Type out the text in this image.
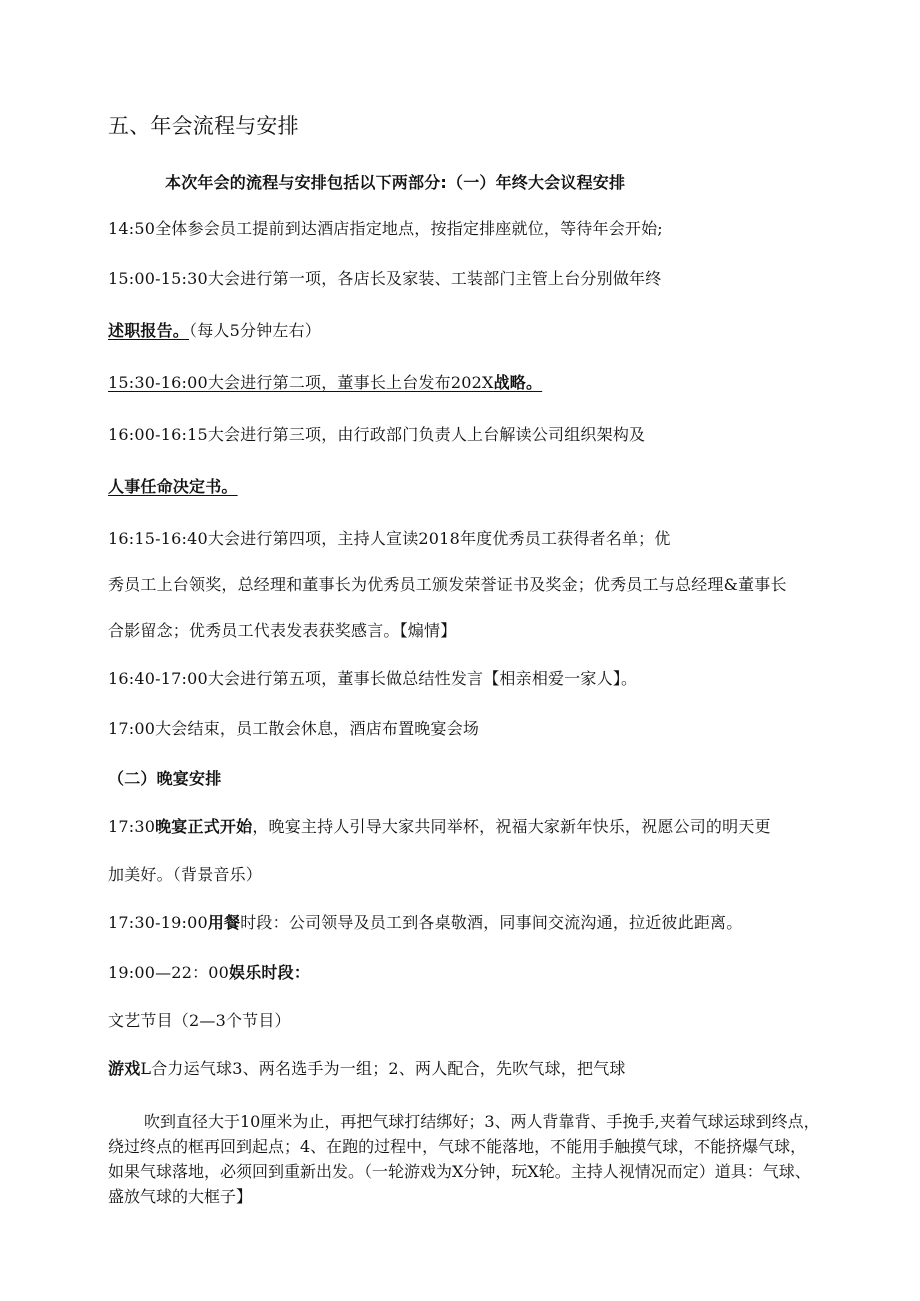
五、年会流程与安排
本次年会的流程与安排包括以下两部分:（一）年终大会议程安排
14:50全体参会员工提前到达酒店指定地点，按指定排座就位，等待年会开始;
15:00-15:30大会进行第一项，各店长及家装、工装部门主管上台分别做年终
述职报告。（每人5分钟左右）
15:30-16:00大会进行第二项，董事长上台发布202X战略。
16:00-16:15大会进行第三项，由行政部门负责人上台解读公司组织架构及
人事任命决定书。
16:15-16:40大会进行第四项，主持人宣读2018年度优秀员工获得者名单；优
秀员工上台领奖，总经理和董事长为优秀员工颁发荣誉证书及奖金；优秀员工与总经理&董事长
合影留念；优秀员工代表发表获奖感言。【煽情】
16:40-17:00大会进行第五项，董事长做总结性发言【相亲相爱一家人】。
17:00大会结束，员工散会休息，酒店布置晚宴会场
（二）晚宴安排
17:30晚宴正式开始，晚宴主持人引导大家共同举杯，祝福大家新年快乐，祝愿公司的明天更
加美好。（背景音乐）
17:30-19:00用餐时段：公司领导及员工到各桌敬酒，同事间交流沟通，拉近彼此距离。
19:00—22：00娱乐时段：
文艺节目（2—3个节目）
游戏L合力运气球3、两名选手为一组；2、两人配合，先吹气球，把气球
吹到直径大于10厘米为止，再把气球打结绑好；3、两人背靠背、手挽手,夹着气球运球到终点，绕过终点的框再回到起点；4、在跑的过程中，气球不能落地，不能用手触摸气球，不能挤爆气球，如果气球落地，必须回到重新出发。（一轮游戏为X分钟，玩X轮。主持人视情况而定）道具：气球、盛放气球的大框子】
